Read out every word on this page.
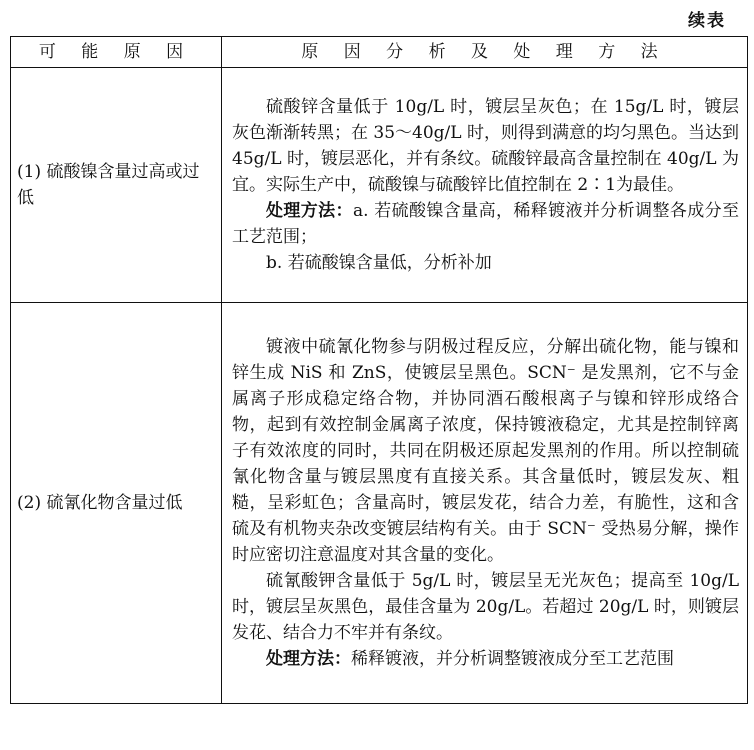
续表
可 能 原 因	原 因 分 析 及 处 理 方 法

(1) 硫酸镍含量过高或过低	硫酸锌含量低于 10g/L 时，镀层呈灰色；在 15g/L 时，镀层灰色渐渐转黑；在 35～40g/L 时，则得到满意的均匀黑色。当达到 45g/L 时，镀层恶化，并有条纹。硫酸锌最高含量控制在 40g/L 为宜。实际生产中，硫酸镍与硫酸锌比值控制在 2∶1为最佳。

处理方法：a. 若硫酸镍含量高，稀释镀液并分析调整各成分至工艺范围；

b. 若硫酸镍含量低，分析补加

(2) 硫氰化物含量过低	镀液中硫氰化物参与阴极过程反应，分解出硫化物，能与镍和锌生成 NiS 和 ZnS，使镀层呈黑色。SCN⁻ 是发黑剂，它不与金属离子形成稳定络合物，并协同酒石酸根离子与镍和锌形成络合物，起到有效控制金属离子浓度，保持镀液稳定，尤其是控制锌离子有效浓度的同时，共同在阴极还原起发黑剂的作用。所以控制硫氰化物含量与镀层黑度有直接关系。其含量低时，镀层发灰、粗糙，呈彩虹色；含量高时，镀层发花，结合力差，有脆性，这和含硫及有机物夹杂改变镀层结构有关。由于 SCN⁻ 受热易分解，操作时应密切注意温度对其含量的变化。

硫氰酸钾含量低于 5g/L 时，镀层呈无光灰色；提高至 10g/L 时，镀层呈灰黑色，最佳含量为 20g/L。若超过 20g/L 时，则镀层发花、结合力不牢并有条纹。

处理方法：稀释镀液，并分析调整镀液成分至工艺范围
